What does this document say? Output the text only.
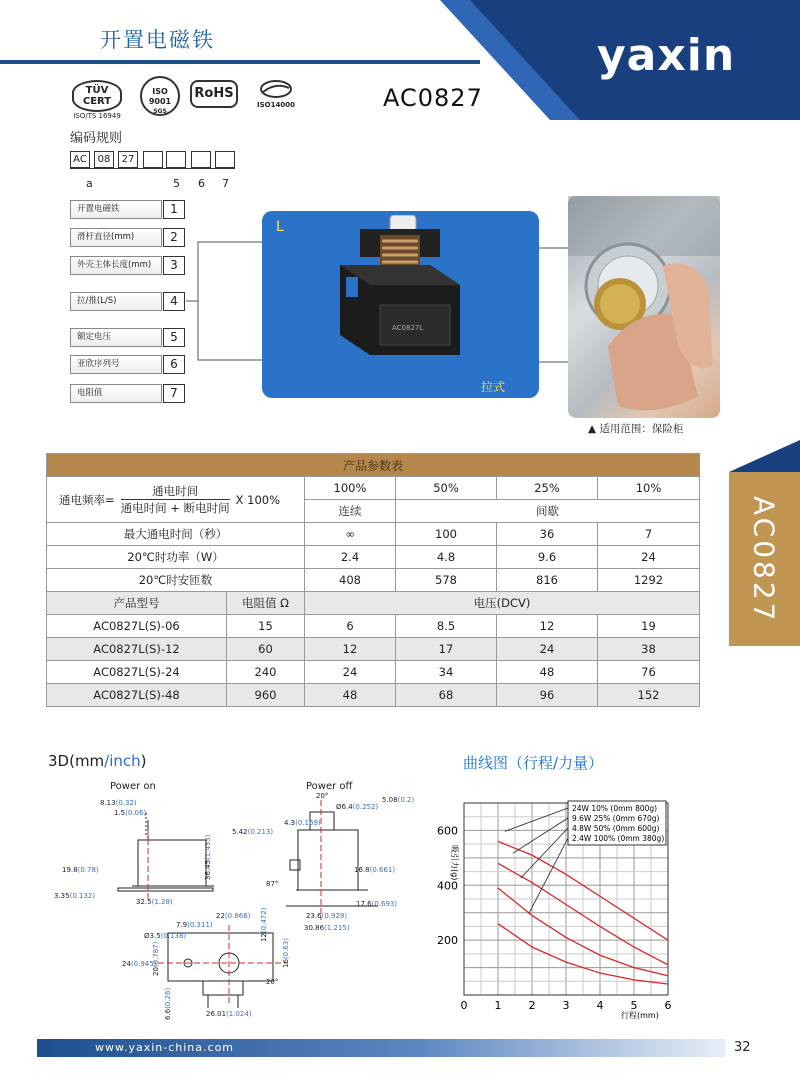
开置电磁铁	yaxin
TÜV CERT
ISO/TS 16949
ISO 9001
SGS
RoHS
ISO14000	AC0827
编码规则
AC	08	27
a	5 6 7
开置电磁铁	1
滑杆直径(mm)	2
外壳主体长度(mm)	3
拉/推(L/S)	4
额定电压	5
亚欣序列号	6
电阻值	7
L
AC0827L
拉式
▲ 适用范围：保险柜
产品参数表					

通电频率=
通电时间
通电时间 + 断电时间
X 100%		100%	50%	25%	10%
		连续	间歇		
最大通电时间（秒）		∞	100	36	7
20℃时功率（W）		2.4	4.8	9.6	24
20℃时安匝数		408	578	816	1292
产品型号	电阻值 Ω	电压(DCV)			
AC0827L(S)-06	15	6	8.5	12	19
AC0827L(S)-12	60	12	17	24	38
AC0827L(S)-24	240	24	34	48	76
AC0827L(S)-48	960	48	68	96	152
AC0827
3D(mm/inch)
Power on	Power off
8.13(0.32)
1.5(0.06)
19.8(0.78)
3.35(0.132)
32.5(1.28)
36.45(1.435)
4.3(0.169)
5.42(0.213)
20°
Ø6.4(0.252)
5.08(0.2)
16.8(0.661)
17.6(0.693)
23.6(0.929)
30.86(1.215)
87°
7.9(0.311)
22(0.866)
12(0.472)
Ø3.5(0.138)
24(0.945)
20(0.787)	16(0.63)
6.6(0.26)
26.01(1.024)
20°
曲线图（行程/力量）
0 1 2 3 4 5 6
200
400
600
吸引力(g)
行程(mm)
24W 10% (0mm 800g)
9.6W 25% (0mm 670g)
4.8W 50% (0mm 600g)
2.4W 100% (0mm 380g)
www.yaxin-china.com	32
